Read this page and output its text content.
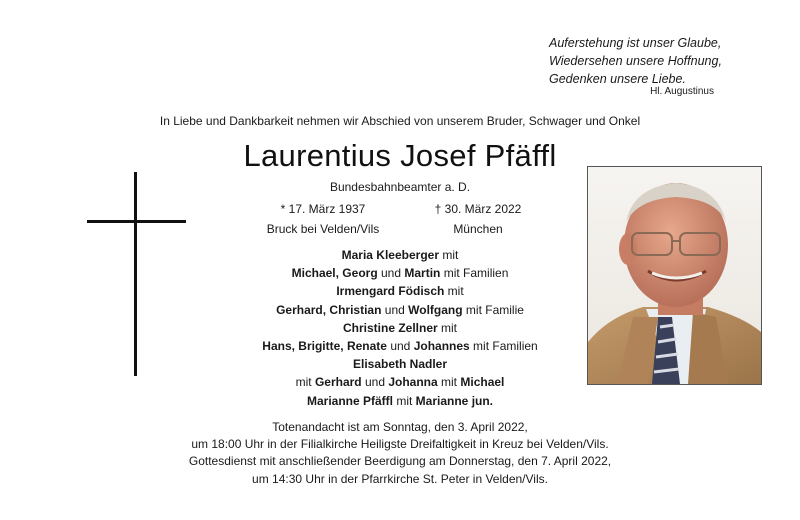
Auferstehung ist unser Glaube,
Wiedersehen unsere Hoffnung,
Gedenken unsere Liebe.
Hl. Augustinus
In Liebe und Dankbarkeit nehmen wir Abschied von unserem Bruder, Schwager und Onkel
Laurentius Josef Pfäffl
Bundesbahnbeamter a. D.
* 17. März 1937
Bruck bei Velden/Vils
† 30. März 2022
München
Maria Kleeberger mit
Michael, Georg und Martin mit Familien
Irmengard Födisch mit
Gerhard, Christian und Wolfgang mit Familie
Christine Zellner mit
Hans, Brigitte, Renate und Johannes mit Familien
Elisabeth Nadler
mit Gerhard und Johanna mit Michael
Marianne Pfäffl mit Marianne jun.
Totenandacht ist am Sonntag, den 3. April 2022,
um 18:00 Uhr in der Filialkirche Heiligste Dreifaltigkeit in Kreuz bei Velden/Vils.
Gottesdienst mit anschließender Beerdigung am Donnerstag, den 7. April 2022,
um 14:30 Uhr in der Pfarrkirche St. Peter in Velden/Vils.
